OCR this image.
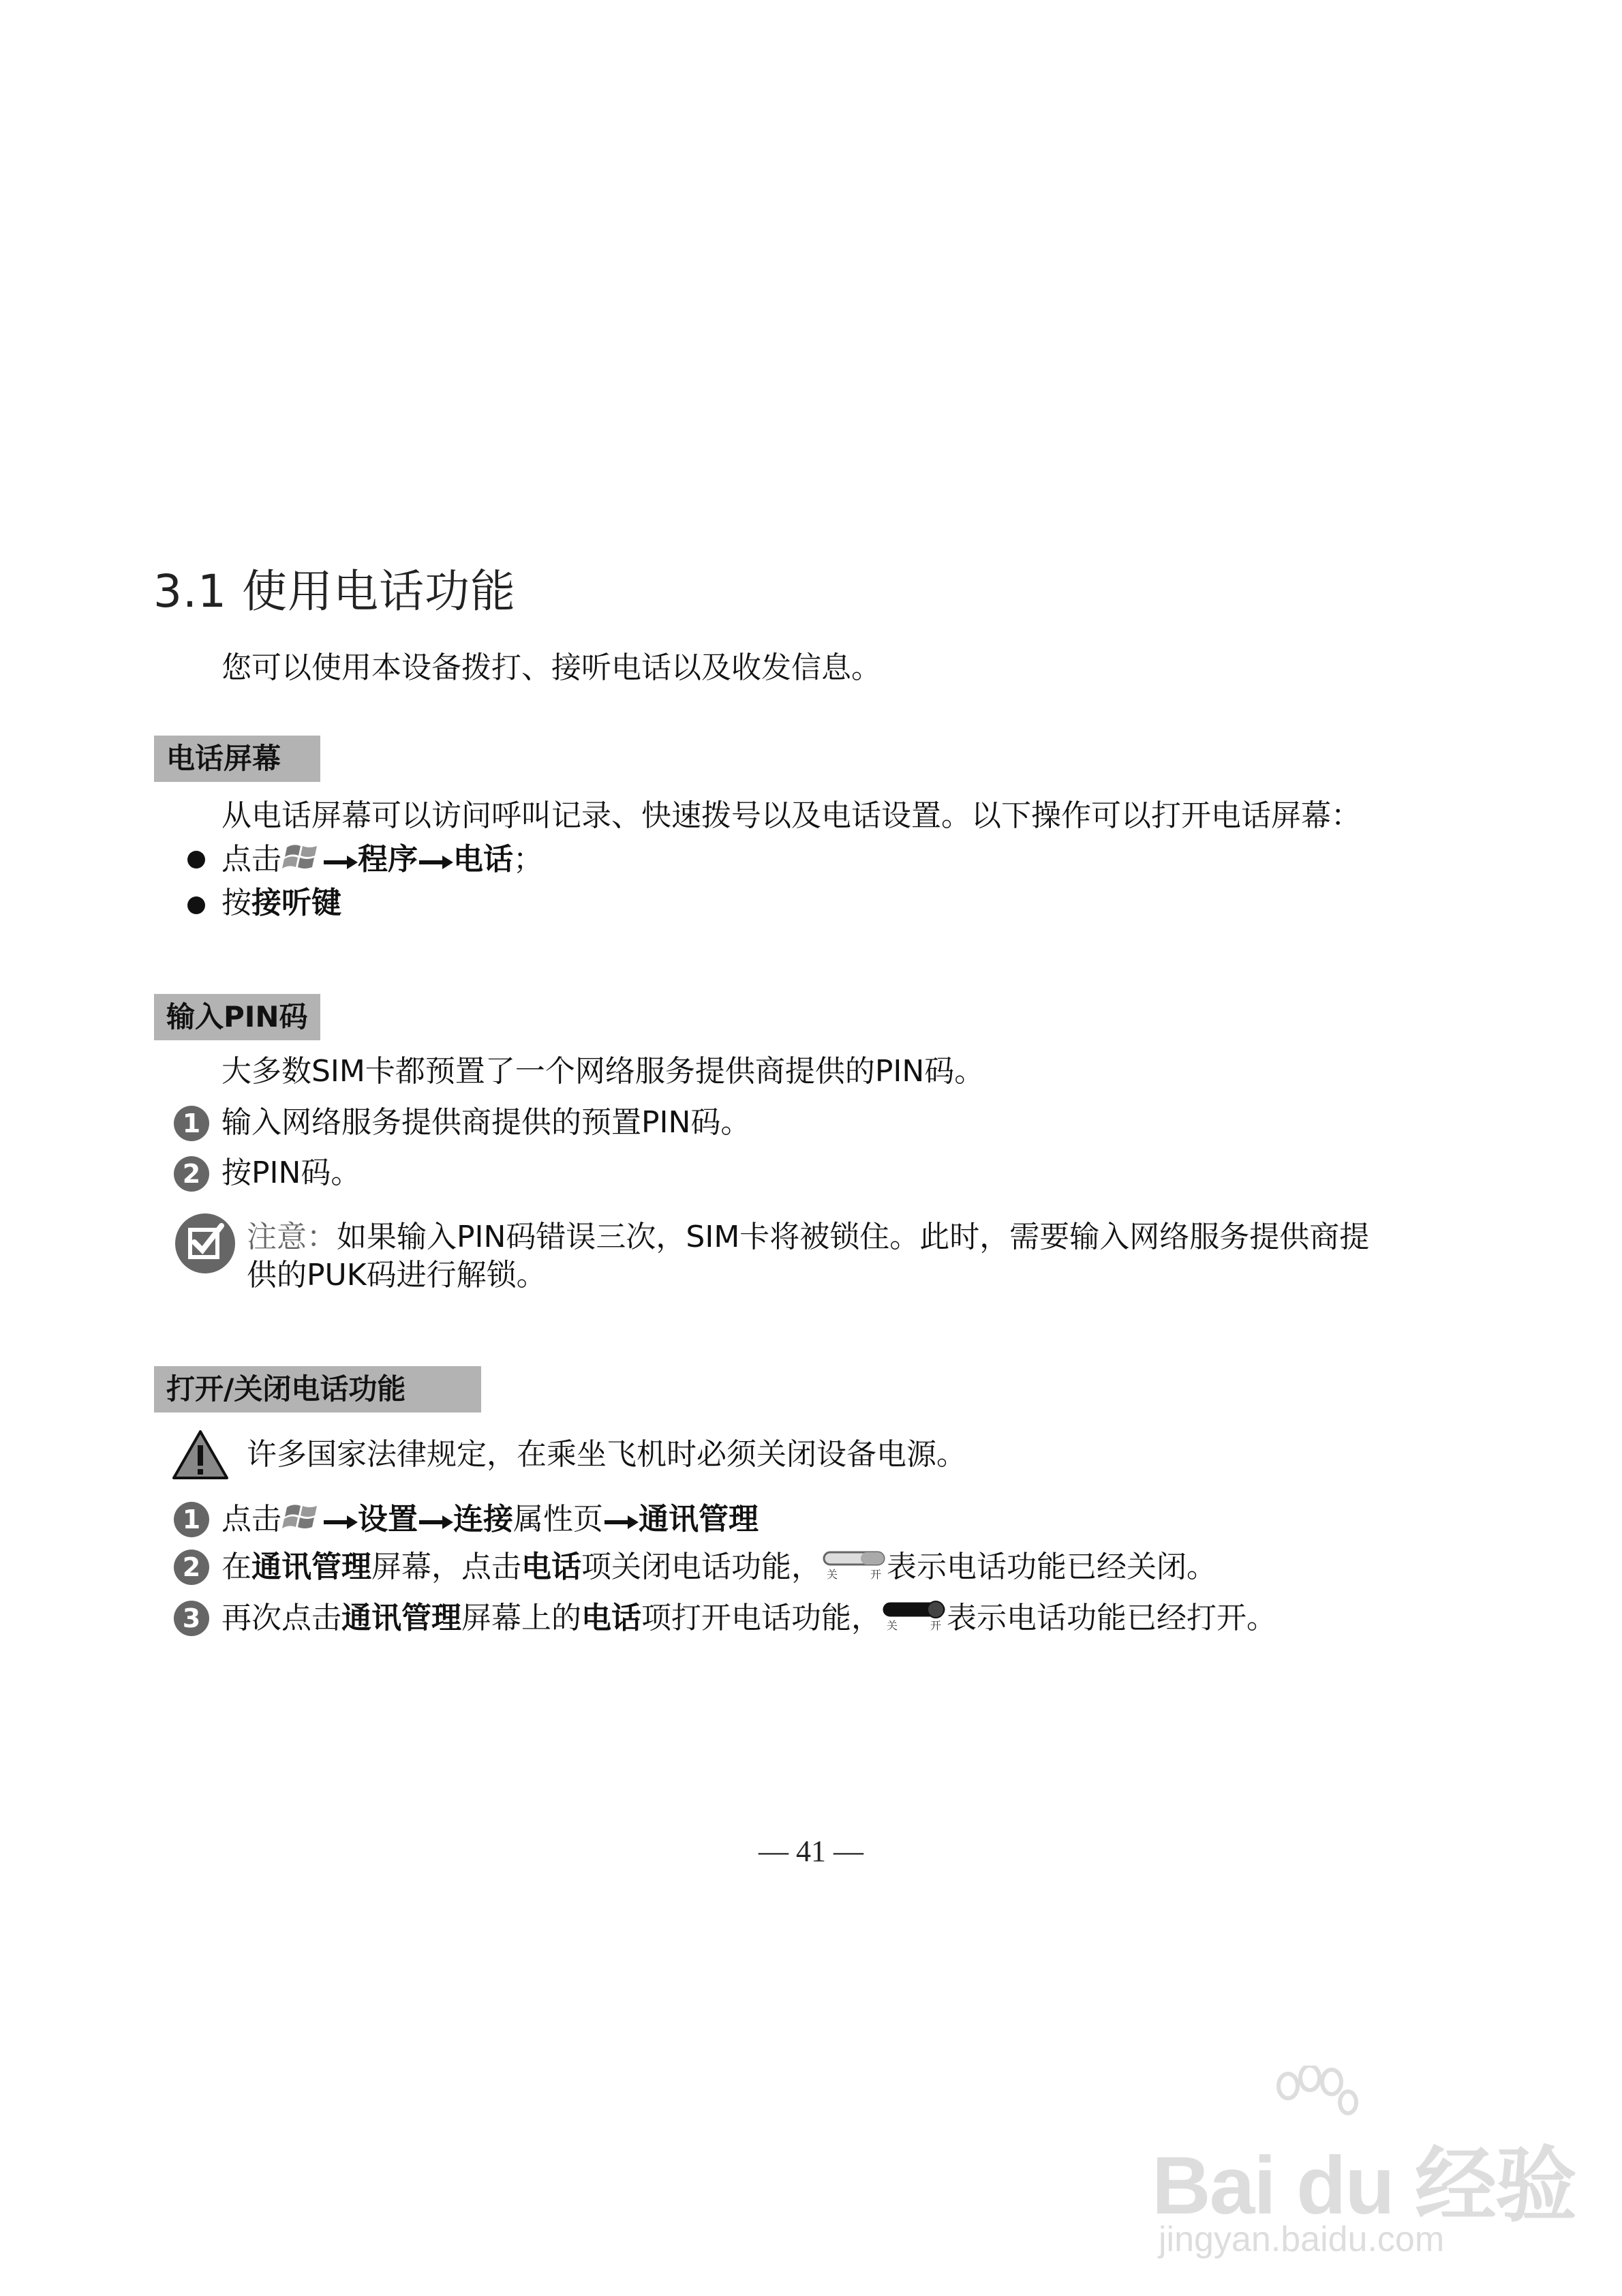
3.1 使用电话功能
您可以使用本设备拨打、接听电话以及收发信息。
电话屏幕
从电话屏幕可以访问呼叫记录、快速拨号以及电话设置。以下操作可以打开电话屏幕：
点击	程序 电话；
按接听键
输入PIN码
大多数SIM卡都预置了一个网络服务提供商提供的PIN码。
1 输入网络服务提供商提供的预置PIN码。
2 按PIN码。
注意：如果输入PIN码错误三次，SIM卡将被锁住。此时，需要输入网络服务提供商提
供的PUK码进行解锁。
打开/关闭电话功能
许多国家法律规定，在乘坐飞机时必须关闭设备电源。
1 点击	设置 连接属性页 通讯管理
2 在通讯管理屏幕，点击电话项关闭电话功能， 关	开 表示电话功能已经关闭。
3 再次点击通讯管理屏幕上的电话项打开电话功能， 关	开 表示电话功能已经打开。
— 41 —
Bai du 经验
jingyan.baidu.com
